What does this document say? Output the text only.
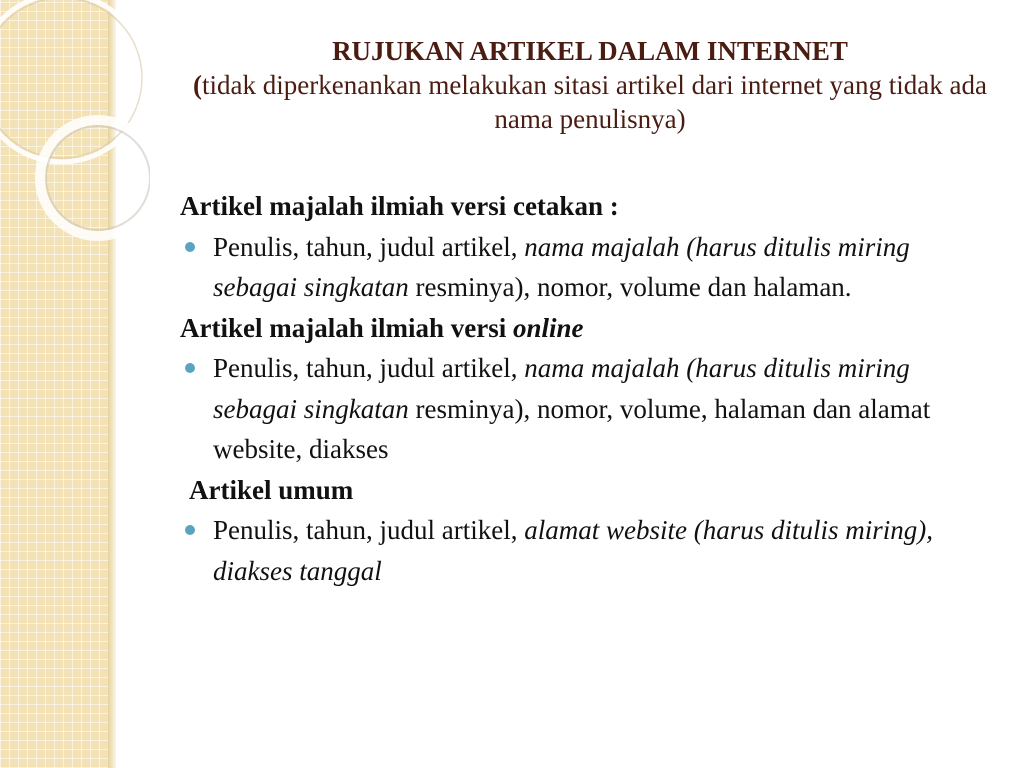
RUJUKAN ARTIKEL DALAM INTERNET
(tidak diperkenankan melakukan sitasi artikel dari internet yang tidak ada nama penulisnya)

Artikel majalah ilmiah versi cetakan :

Penulis, tahun, judul artikel, nama majalah (harus ditulis miring sebagai singkatan resminya), nomor, volume dan halaman.

Artikel majalah ilmiah versi online

Penulis, tahun, judul artikel, nama majalah (harus ditulis miring sebagai singkatan resminya), nomor, volume, halaman dan alamat website, diakses

Artikel umum

Penulis, tahun, judul artikel, alamat website (harus ditulis miring), diakses tanggal
